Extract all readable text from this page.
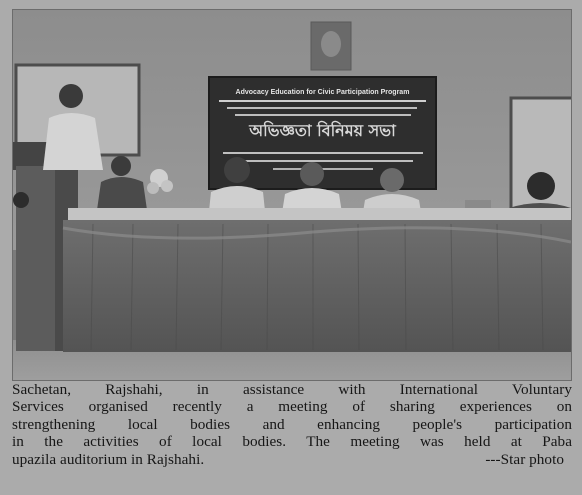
Advocacy Education for Civic Participation Program
অভিজ্ঞতা বিনিময় সভা
Sachetan, Rajshahi, in assistance with International Voluntary
Services organised recently a meeting of sharing experiences on
strengthening local bodies and enhancing people's participation
in the activities of local bodies. The meeting was held at Paba
upazila auditorium in Rajshahi.	---Star photo
